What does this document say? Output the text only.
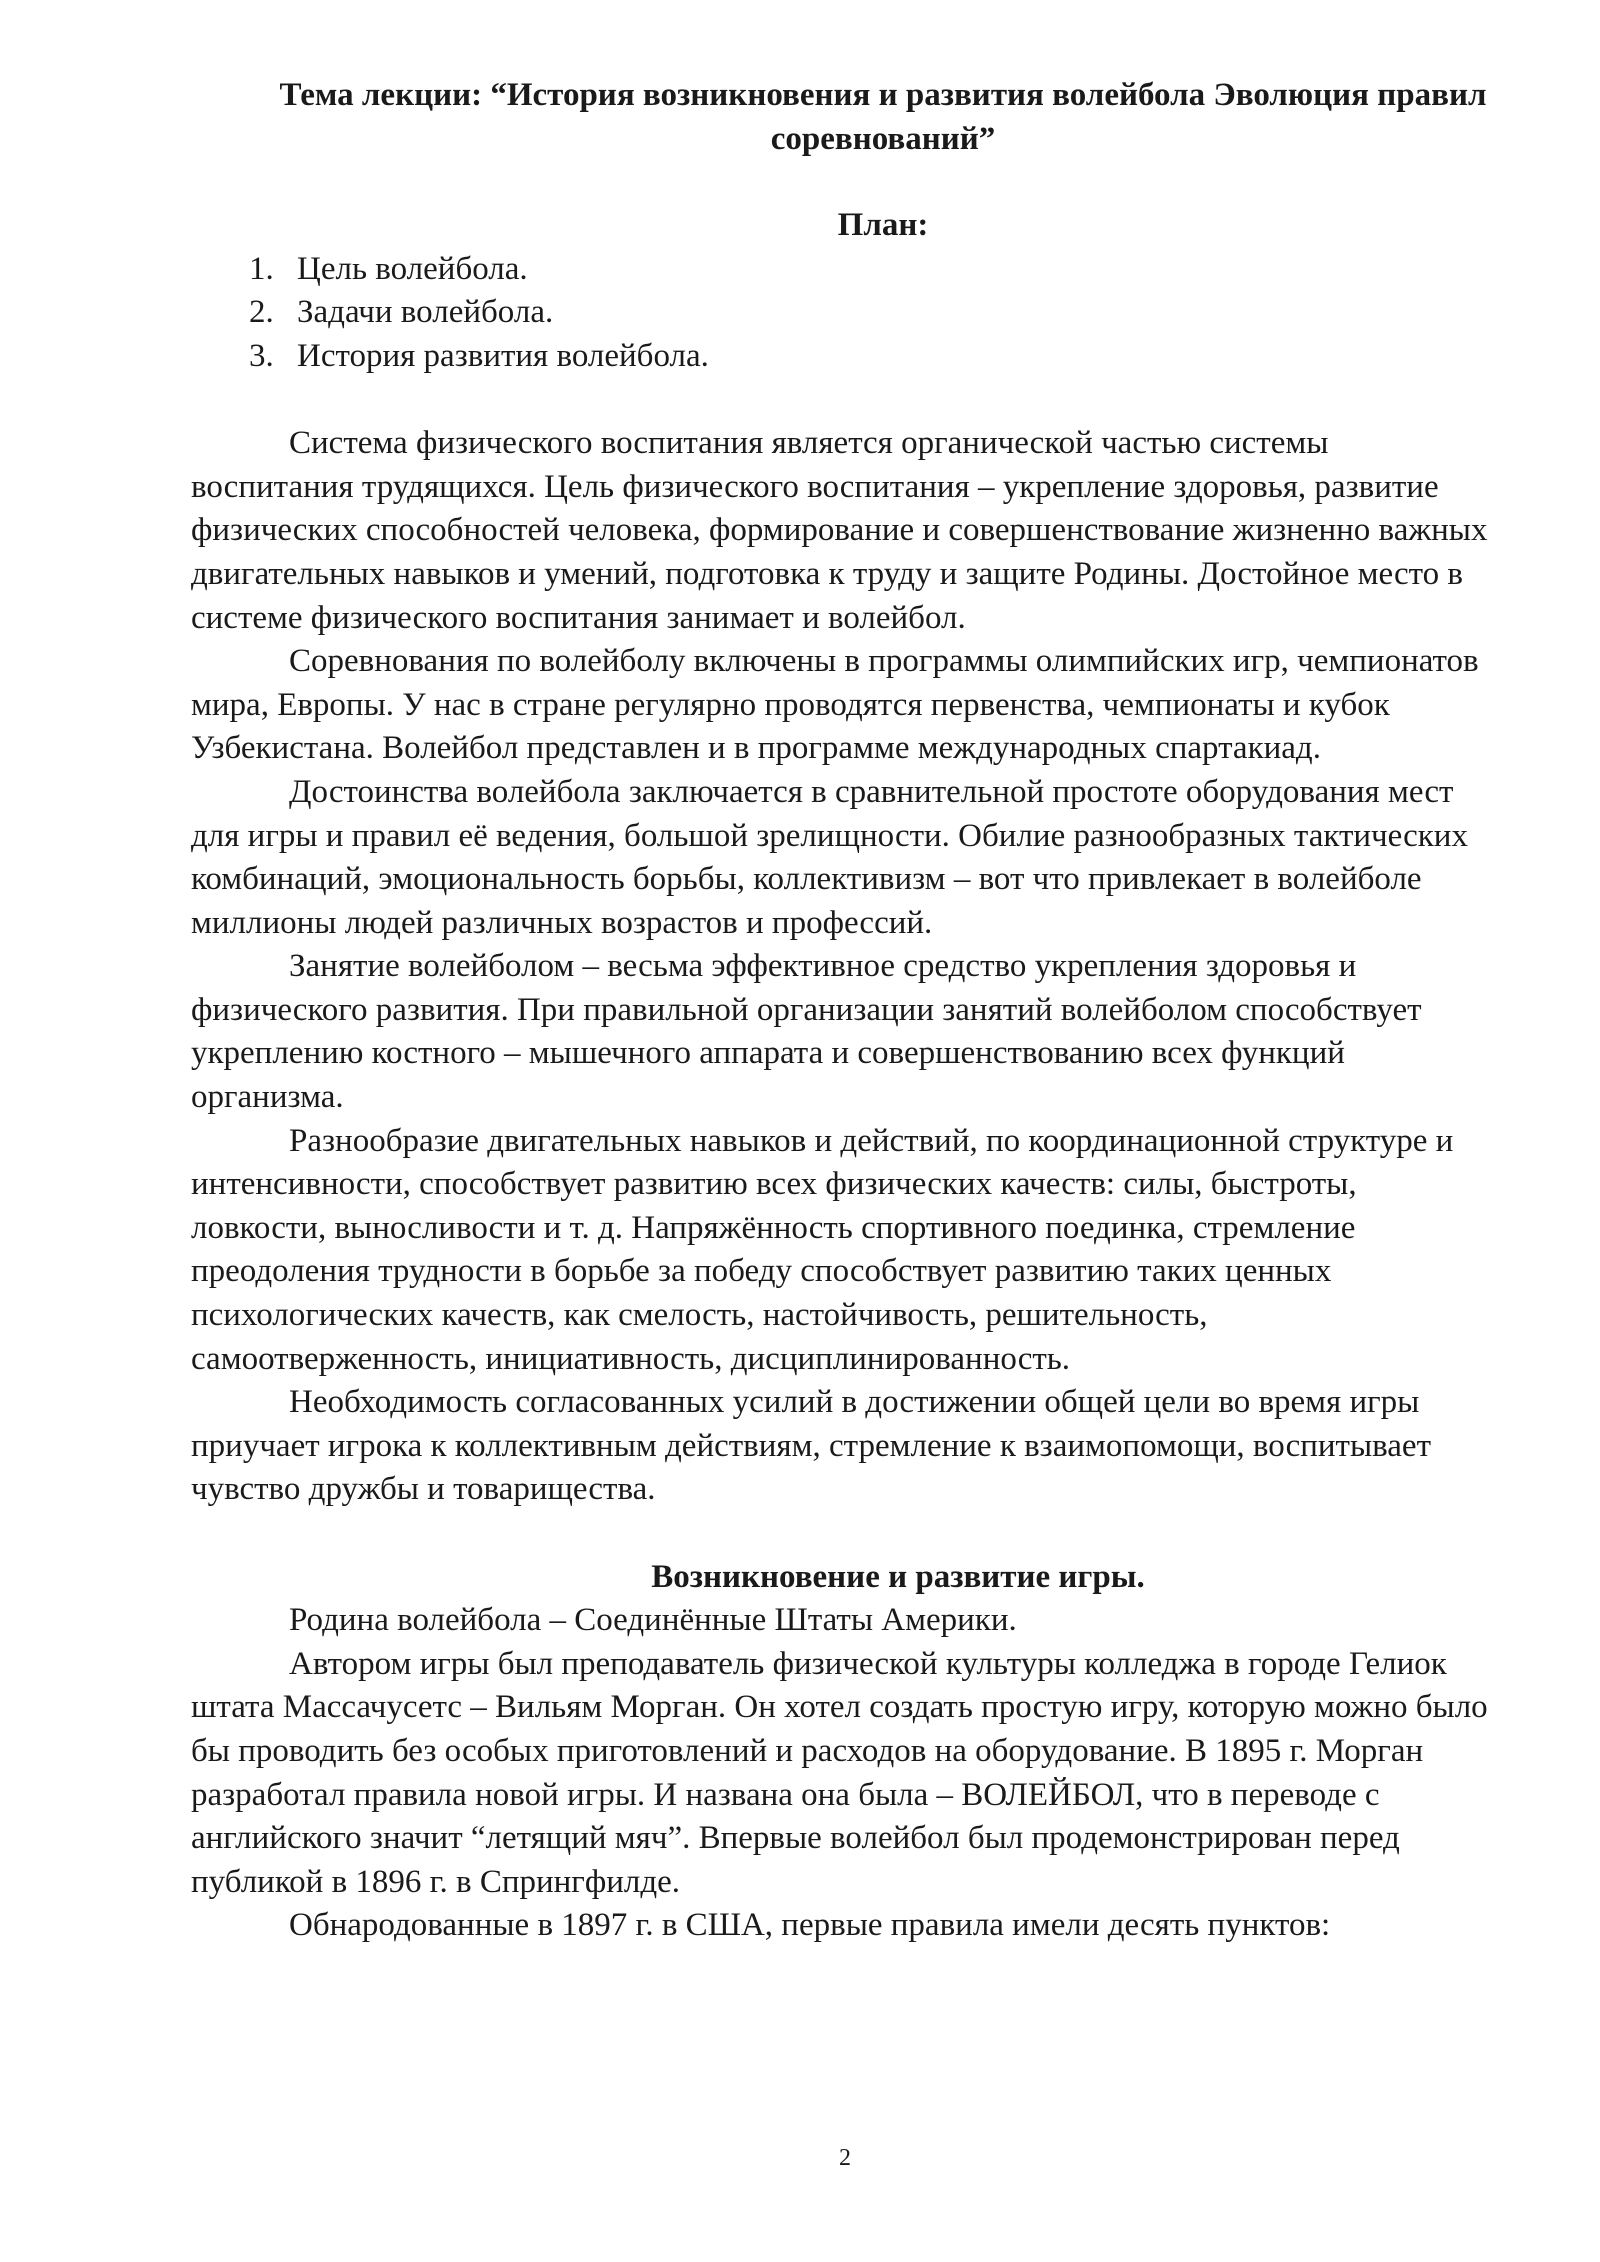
Тема лекции: “История возникновения и развития волейбола Эволюция правил соревнований”
План:
1. Цель волейбола.
2. Задачи волейбола.
3. История развития волейбола.

Система физического воспитания является органической частью системы воспитания трудящихся. Цель физического воспитания – укрепление здоровья, развитие физических способностей человека, формирование и совершенствование жизненно важных двигательных навыков и умений, подготовка к труду и защите Родины. Достойное место в системе физического воспитания занимает и волейбол.

Соревнования по волейболу включены в программы олимпийских игр, чемпионатов мира, Европы. У нас в стране регулярно проводятся первенства, чемпионаты и кубок Узбекистана. Волейбол представлен и в программе международных спартакиад.

Достоинства волейбола заключается в сравнительной простоте оборудования мест для игры и правил её ведения, большой зрелищности. Обилие разнообразных тактических комбинаций, эмоциональность борьбы, коллективизм – вот что привлекает в волейболе миллионы людей различных возрастов и профессий.

Занятие волейболом – весьма эффективное средство укрепления здоровья и физического развития. При правильной организации занятий волейболом способствует укреплению костного – мышечного аппарата и совершенствованию всех функций организма.

Разнообразие двигательных навыков и действий, по координационной структуре и интенсивности, способствует развитию всех физических качеств: силы, быстроты, ловкости, выносливости и т. д. Напряжённость спортивного поединка, стремление преодоления трудности в борьбе за победу способствует развитию таких ценных психологических качеств, как смелость, настойчивость, решительность, самоотверженность, инициативность, дисциплинированность.

Необходимость согласованных усилий в достижении общей цели во время игры приучает игрока к коллективным действиям, стремление к взаимопомощи, воспитывает чувство дружбы и товарищества.

Возникновение и развитие игры.

Родина волейбола – Соединённые Штаты Америки.

Автором игры был преподаватель физической культуры колледжа в городе Гелиок штата Массачусетс – Вильям Морган. Он хотел создать простую игру, которую можно было бы проводить без особых приготовлений и расходов на оборудование. В 1895 г. Морган разработал правила новой игры. И названа она была – ВОЛЕЙБОЛ, что в переводе с английского значит “летящий мяч”. Впервые волейбол был продемонстрирован перед публикой в 1896 г. в Спрингфилде.

Обнародованные в 1897 г. в США, первые правила имели десять пунктов:

2
